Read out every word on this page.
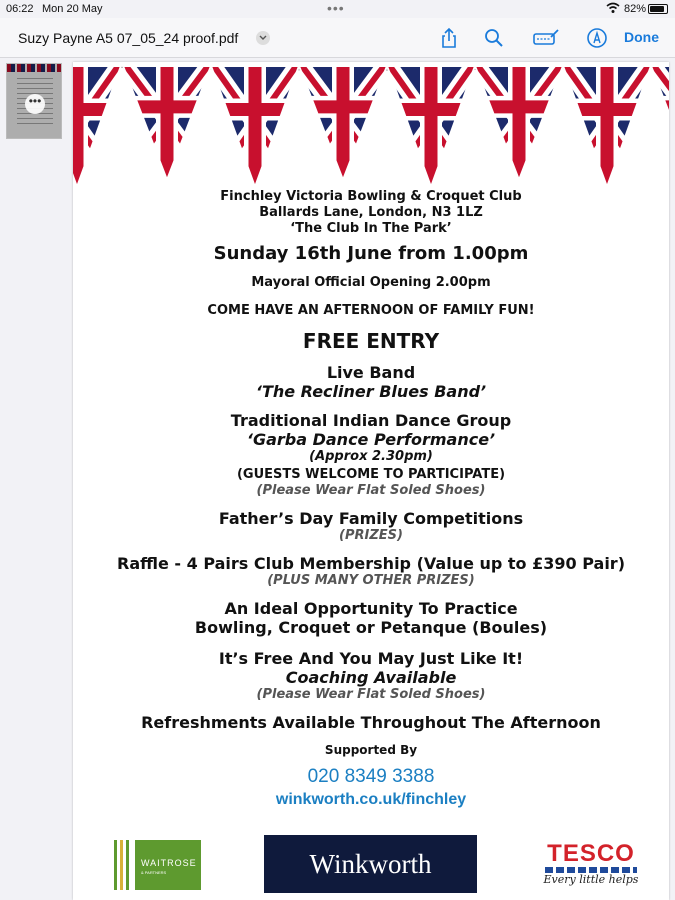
06:22 Mon 20 May	•••	82%
Suzy Payne A5 07_05_24 proof.pdf	Done
•••
Finchley Victoria Bowling & Croquet Club
Ballards Lane, London, N3 1LZ
‘The Club In The Park’
Sunday 16th June from 1.00pm
Mayoral Official Opening 2.00pm
COME HAVE AN AFTERNOON OF FAMILY FUN!
FREE ENTRY
Live Band
‘The Recliner Blues Band’
Traditional Indian Dance Group
‘Garba Dance Performance’
(Approx 2.30pm)
(GUESTS WELCOME TO PARTICIPATE)
(Please Wear Flat Soled Shoes)
Father’s Day Family Competitions
(PRIZES)
Raffle - 4 Pairs Club Membership (Value up to £390 Pair)
(PLUS MANY OTHER PRIZES)
An Ideal Opportunity To Practice
Bowling, Croquet or Petanque (Boules)
It’s Free And You May Just Like It!
Coaching Available
(Please Wear Flat Soled Shoes)
Refreshments Available Throughout The Afternoon
Supported By
020 8349 3388
winkworth.co.uk/finchley
WAITROSE
& PARTNERS	Winkworth	TESCO
Every little helps
